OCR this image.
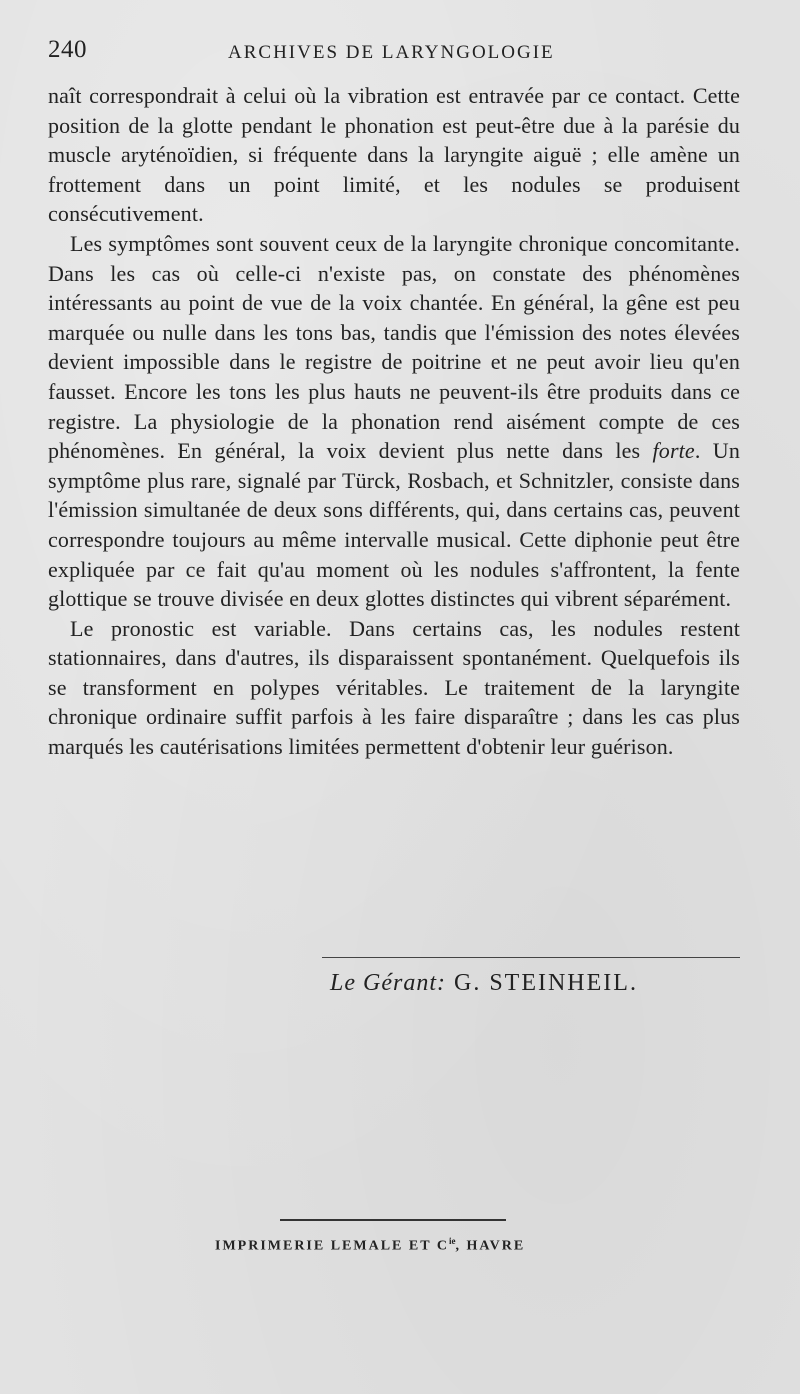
240	ARCHIVES DE LARYNGOLOGIE

naît correspondrait à celui où la vibration est entravée par ce contact. Cette position de la glotte pendant le phonation est peut-être due à la parésie du muscle aryténoïdien, si fréquente dans la laryngite aiguë ; elle amène un frottement dans un point limité, et les nodules se produisent consécutivement.

Les symptômes sont souvent ceux de la laryngite chronique concomitante. Dans les cas où celle-ci n'existe pas, on constate des phénomènes intéressants au point de vue de la voix chantée. En général, la gêne est peu marquée ou nulle dans les tons bas, tandis que l'émission des notes élevées devient impossible dans le registre de poitrine et ne peut avoir lieu qu'en fausset. Encore les tons les plus hauts ne peuvent-ils être produits dans ce registre. La physiologie de la phonation rend aisément compte de ces phénomènes. En général, la voix devient plus nette dans les forte. Un symptôme plus rare, signalé par Türck, Rosbach, et Schnitzler, consiste dans l'émission simultanée de deux sons différents, qui, dans certains cas, peuvent correspondre toujours au même intervalle musical. Cette diphonie peut être expliquée par ce fait qu'au moment où les nodules s'affrontent, la fente glottique se trouve divisée en deux glottes distinctes qui vibrent séparément.

Le pronostic est variable. Dans certains cas, les nodules restent stationnaires, dans d'autres, ils disparaissent spontanément. Quelquefois ils se transforment en polypes véritables. Le traitement de la laryngite chronique ordinaire suffit parfois à les faire disparaître ; dans les cas plus marqués les cautérisations limitées permettent d'obtenir leur guérison.

Le Gérant: G. STEINHEIL.
IMPRIMERIE LEMALE ET $C^{ie}$, HAVRE
